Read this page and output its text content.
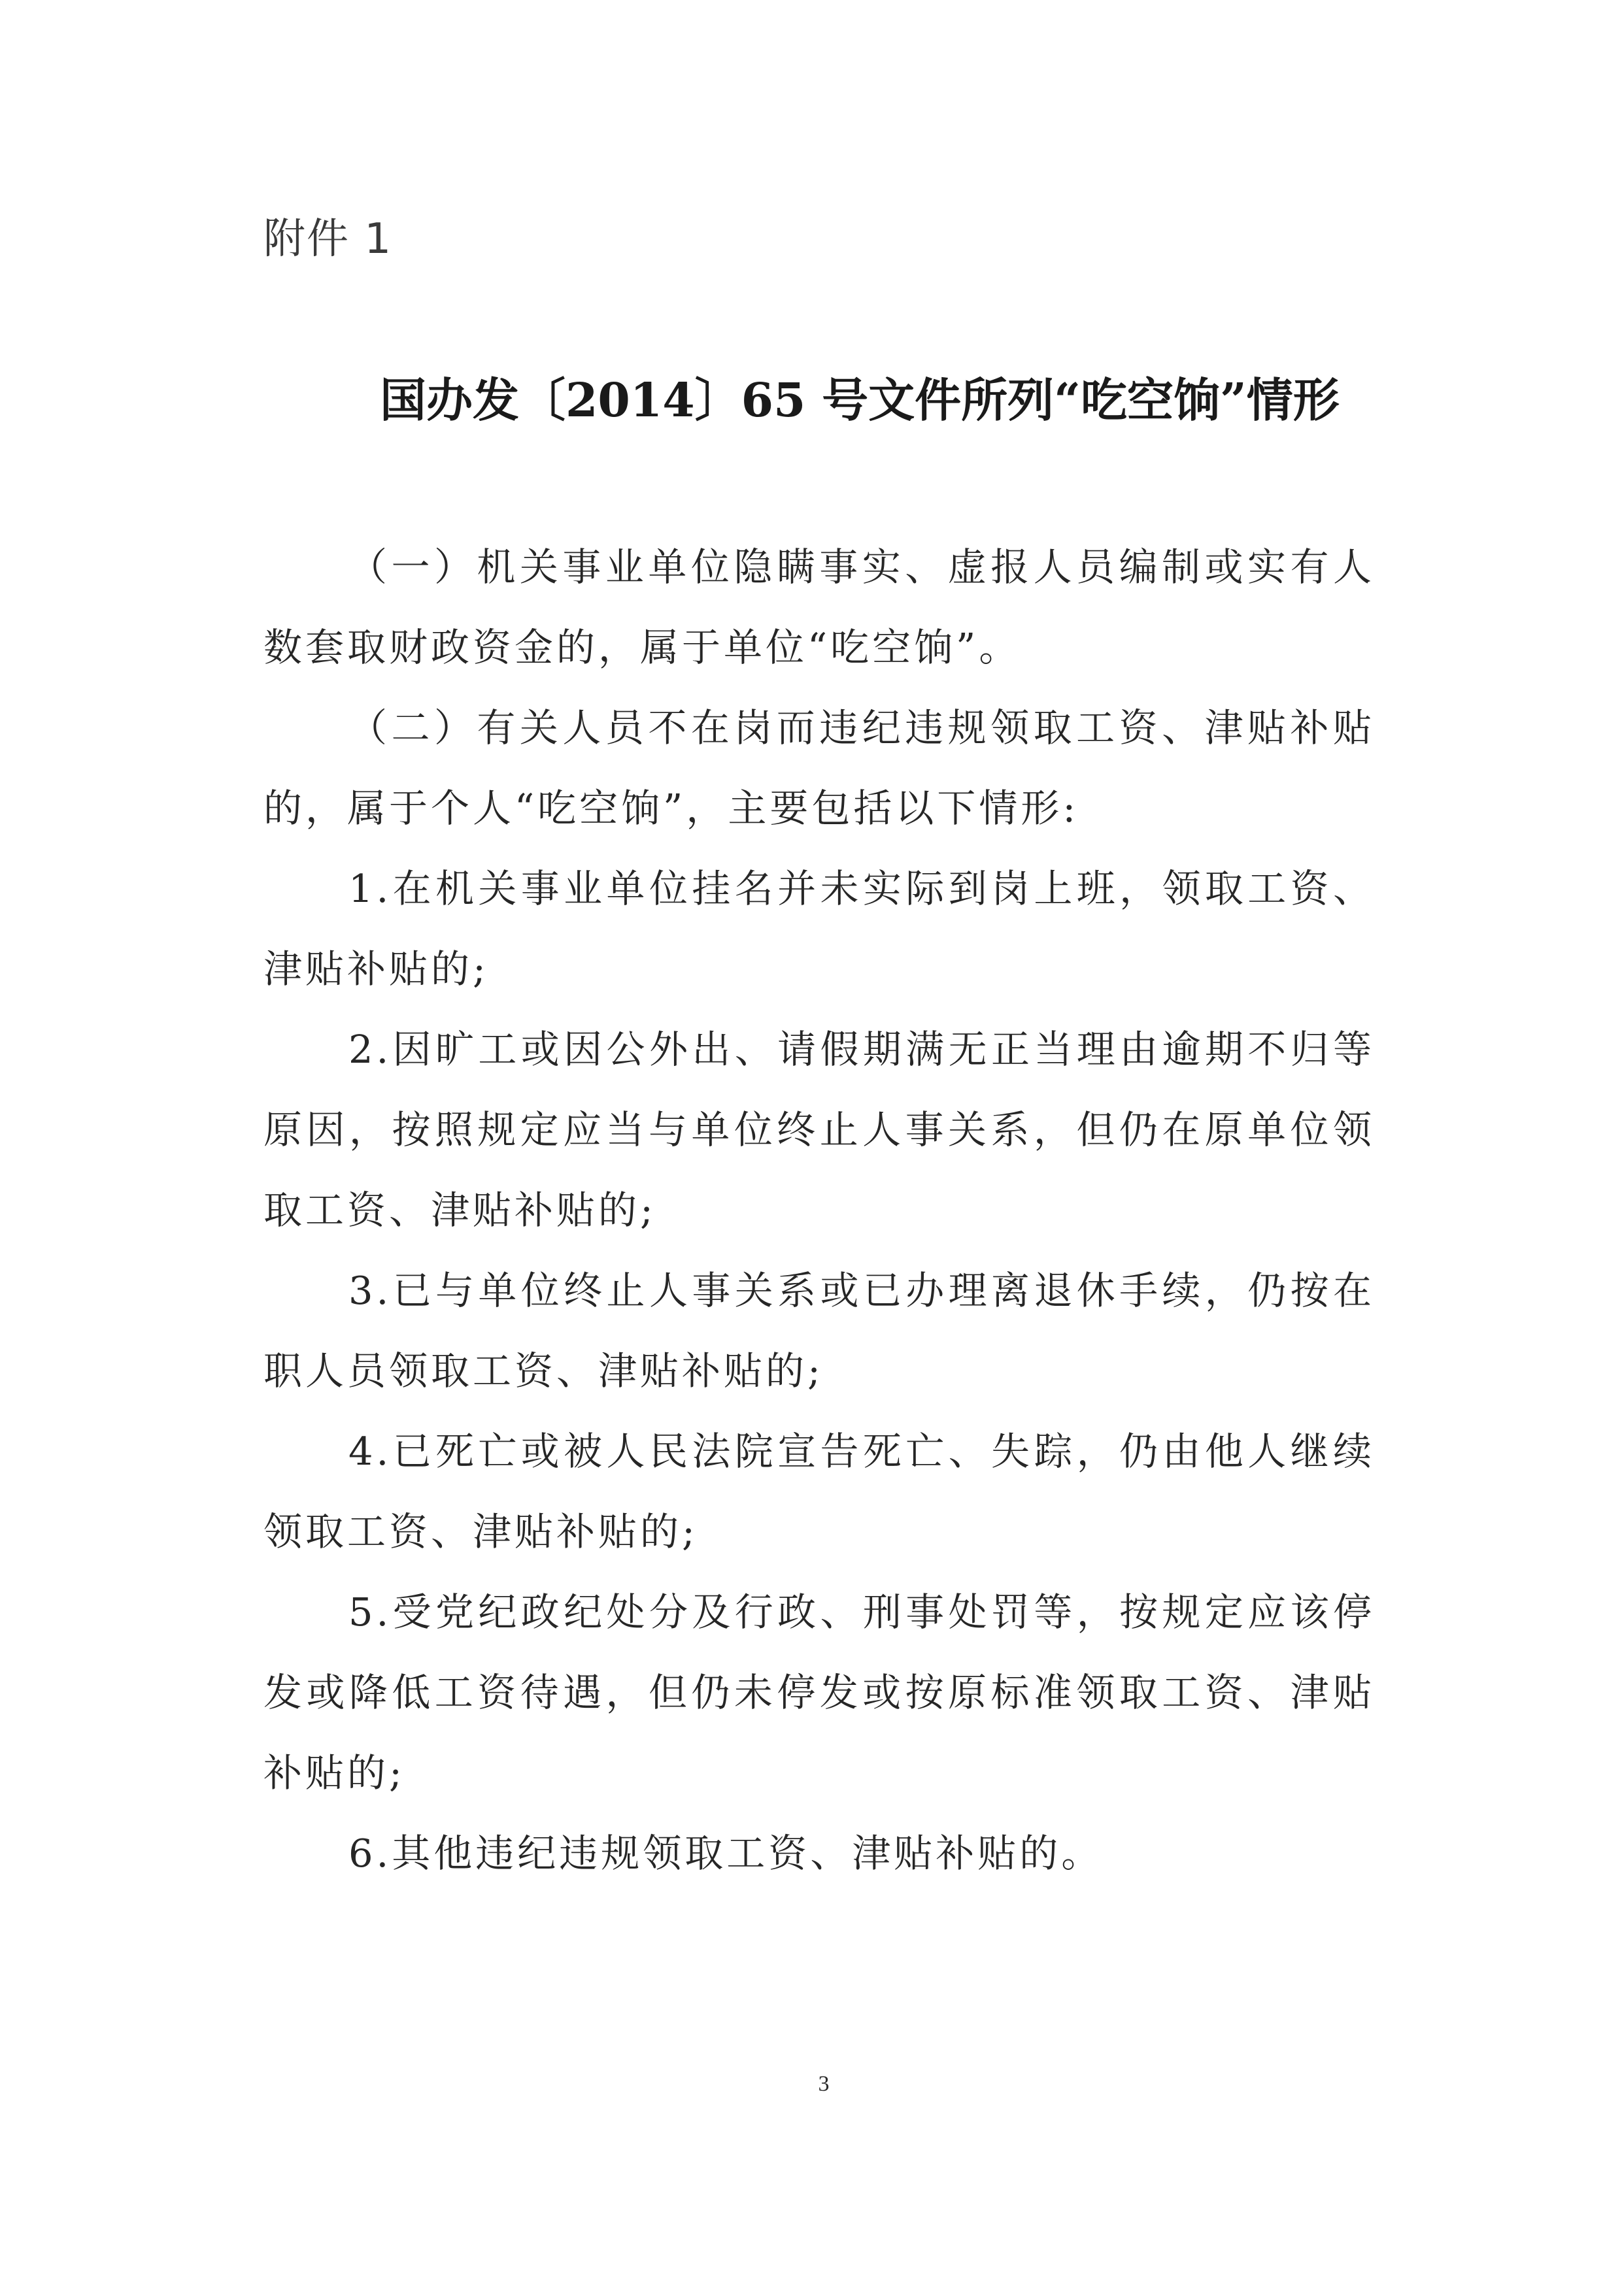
附件 1
国办发〔2014〕65 号文件所列“吃空饷”情形

（一）机关事业单位隐瞒事实、虚报人员编制或实有人数套取财政资金的，属于单位“吃空饷”。

（二）有关人员不在岗而违纪违规领取工资、津贴补贴的，属于个人“吃空饷”，主要包括以下情形:

1.在机关事业单位挂名并未实际到岗上班，领取工资、津贴补贴的;

2.因旷工或因公外出、请假期满无正当理由逾期不归等原因，按照规定应当与单位终止人事关系，但仍在原单位领取工资、津贴补贴的;

3.已与单位终止人事关系或已办理离退休手续，仍按在职人员领取工资、津贴补贴的;

4.已死亡或被人民法院宣告死亡、失踪，仍由他人继续领取工资、津贴补贴的;

5.受党纪政纪处分及行政、刑事处罚等，按规定应该停发或降低工资待遇，但仍未停发或按原标准领取工资、津贴补贴的;

6.其他违纪违规领取工资、津贴补贴的。

3
